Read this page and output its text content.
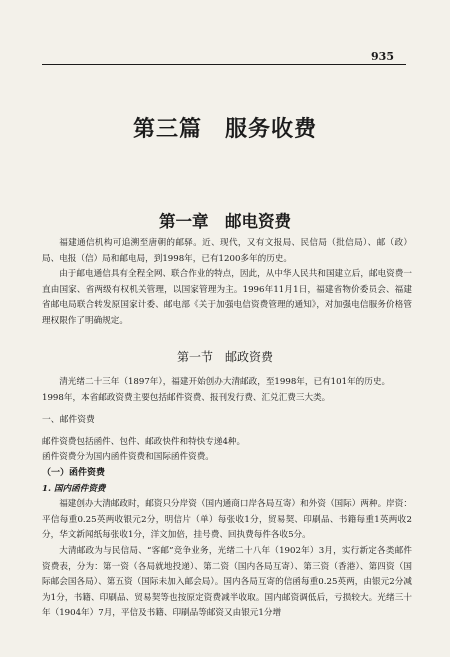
935
第三篇　服务收费
第一章　邮电资费

福建通信机构可追溯至唐朝的邮驿。近、现代，又有文报局、民信局（批信局）、邮（政）局、电报（信）局和邮电局，到1998年，已有1200多年的历史。

由于邮电通信具有全程全网、联合作业的特点，因此，从中华人民共和国建立后，邮电资费一直由国家、省两级有权机关管理，以国家管理为主。1996年11月1日，福建省物价委员会、福建省邮电局联合转发原国家计委、邮电部《关于加强电信资费管理的通知》，对加强电信服务价格管理权限作了明确规定。

第一节　邮政资费

清光绪二十三年（1897年），福建开始创办大清邮政，至1998年，已有101年的历史。

1998年，本省邮政资费主要包括邮件资费、报刊发行费、汇兑汇费三大类。

一、邮件资费

邮件资费包括函件、包件、邮政快件和特快专递4种。

函件资费分为国内函件资费和国际函件资费。

（一）函件资费

1. 国内函件资费

福建创办大清邮政时，邮资只分岸资（国内通商口岸各局互寄）和外资（国际）两种。岸资：平信每重0.25英两收银元2分，明信片（单）每张收1分，贸易契、印刷品、书籍每重1英两收2分，华文新闻纸每张收1分，洋文加倍，挂号费、回执费每件各收5分。

大清邮政为与民信局、“客邮”竞争业务，光绪二十八年（1902年）3月，实行新定各类邮件资费表，分为：第一资（各局就地投递）、第二资（国内各局互寄）、第三资（香港）、第四资（国际邮会国各局）、第五资（国际未加入邮会局）。国内各局互寄的信函每重0.25英两，由银元2分减为1分，书籍、印刷品、贸易契等也按原定资费减半收取。国内邮资调低后，亏损较大。光绪三十年（1904年）7月，平信及书籍、印刷品等邮资又由银元1分增
